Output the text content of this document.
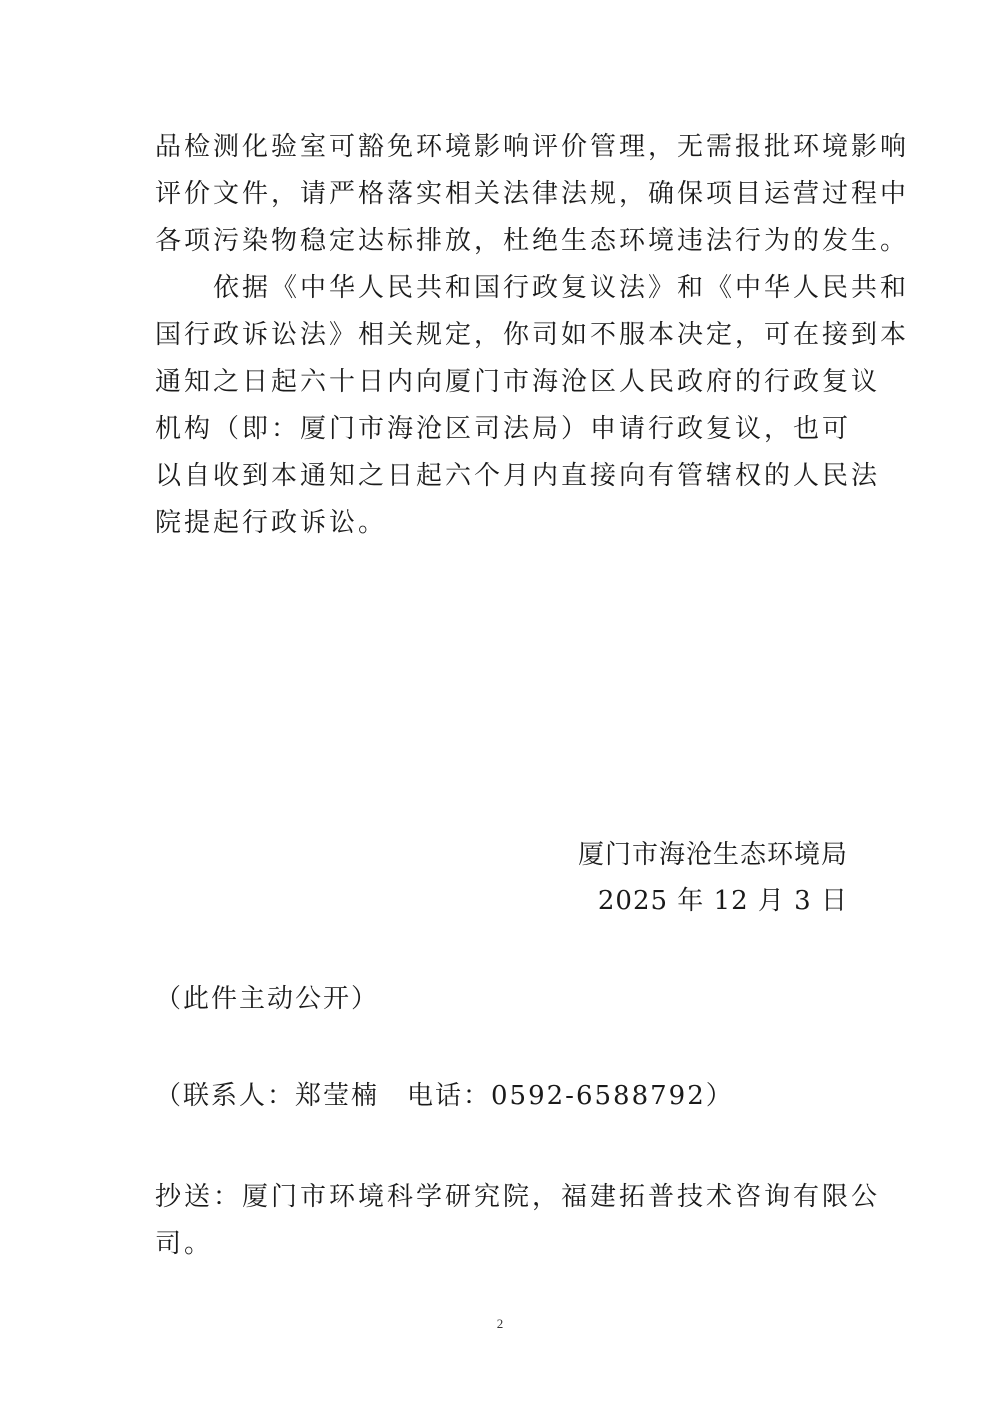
品检测化验室可豁免环境影响评价管理，无需报批环境影响
评价文件，请严格落实相关法律法规，确保项目运营过程中
各项污染物稳定达标排放，杜绝生态环境违法行为的发生。
　　依据《中华人民共和国行政复议法》和《中华人民共和
国行政诉讼法》相关规定，你司如不服本决定，可在接到本
通知之日起六十日内向厦门市海沧区人民政府的行政复议
机构（即：厦门市海沧区司法局）申请行政复议，也可
以自收到本通知之日起六个月内直接向有管辖权的人民法
院提起行政诉讼。
厦门市海沧生态环境局
2025 年 12 月 3 日
（此件主动公开）
（联系人：郑莹楠　电话：0592-6588792）
抄送：厦门市环境科学研究院，福建拓普技术咨询有限公
司。
2
